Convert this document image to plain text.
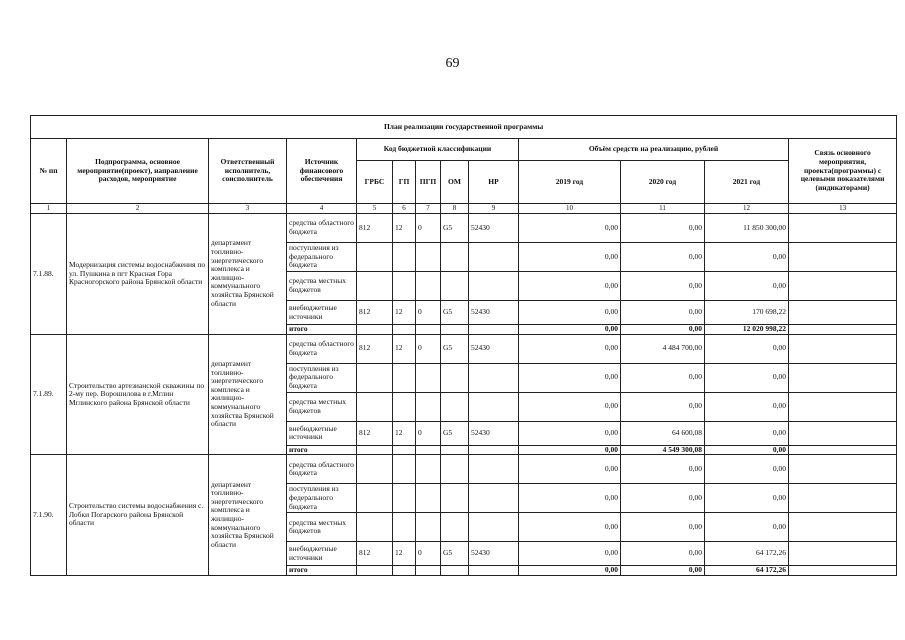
69
План реализации государственной программы												
№ пп	Подпрограмма, основное мероприятие(проект), направление расходов, мероприятие	Ответственный исполнитель, соисполнитель	Источник финансового обеспечения	Код бюджетной классификации					Объём средств на реализацию, рублей			Связь основного мероприятия, проекта(программы) с целевыми показателями (индикаторами)
				ГРБС	ГП	ПГП	ОМ	НР	2019 год	2020 год	2021 год	
1	2	3	4	5	6	7	8	9	10	11	12	13
7.1.88.	Модернизация системы водоснабжения по ул. Пушкина в пгт Красная Гора Красногорского района Брянской области	департамент топливно-энергетического комплекса и жилищно-коммунального хозяйства Брянской области	средства областного бюджета	812	12	0	G5	52430	0,00	0,00	11 850 300,00	
			поступления из федерального бюджета						0,00	0,00	0,00	
			средства местных бюджетов						0,00	0,00	0,00	
			внебюджетные источники	812	12	0	G5	52430	0,00	0,00	170 698,22	
			итого						0,00	0,00	12 020 998,22	
7.1.89.	Строительство артезианской скважины по 2-му пер. Ворошилова в г.Мглин Мглинского района Брянской области	департамент топливно-энергетического комплекса и жилищно-коммунального хозяйства Брянской области	средства областного бюджета	812	12	0	G5	52430	0,00	4 484 700,00	0,00	
			поступления из федерального бюджета						0,00	0,00	0,00	
			средства местных бюджетов						0,00	0,00	0,00	
			внебюджетные источники	812	12	0	G5	52430	0,00	64 600,08	0,00	
			итого						0,00	4 549 300,08	0,00	
7.1.90.	Строительство системы водоснабжения с. Лобки Погарского района Брянской области	департамент топливно-энергетического комплекса и жилищно-коммунального хозяйства Брянской области	средства областного бюджета						0,00	0,00	0,00	
			поступления из федерального бюджета						0,00	0,00	0,00	
			средства местных бюджетов						0,00	0,00	0,00	
			внебюджетные источники	812	12	0	G5	52430	0,00	0,00	64 172,26	
			итого						0,00	0,00	64 172,26	
